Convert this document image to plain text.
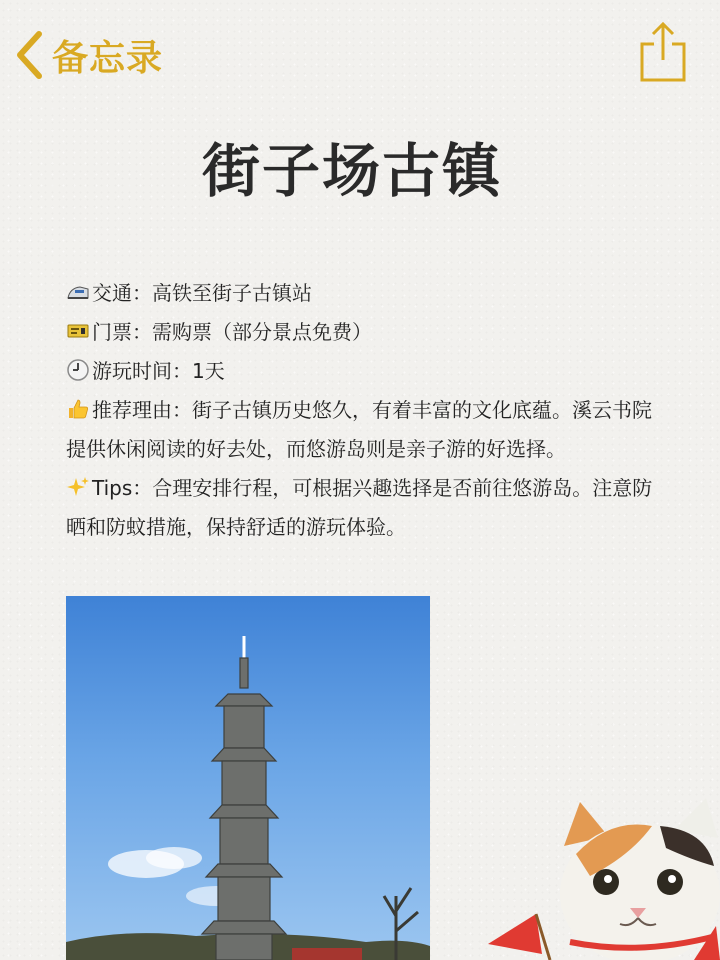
备忘录
街子场古镇

交通：高铁至街子古镇站

门票：需购票（部分景点免费）

游玩时间：1天

推荐理由：街子古镇历史悠久，有着丰富的文化底蕴。溪云书院提供休闲阅读的好去处，而悠游岛则是亲子游的好选择。

Tips：合理安排行程，可根据兴趣选择是否前往悠游岛。注意防晒和防蚊措施，保持舒适的游玩体验。
